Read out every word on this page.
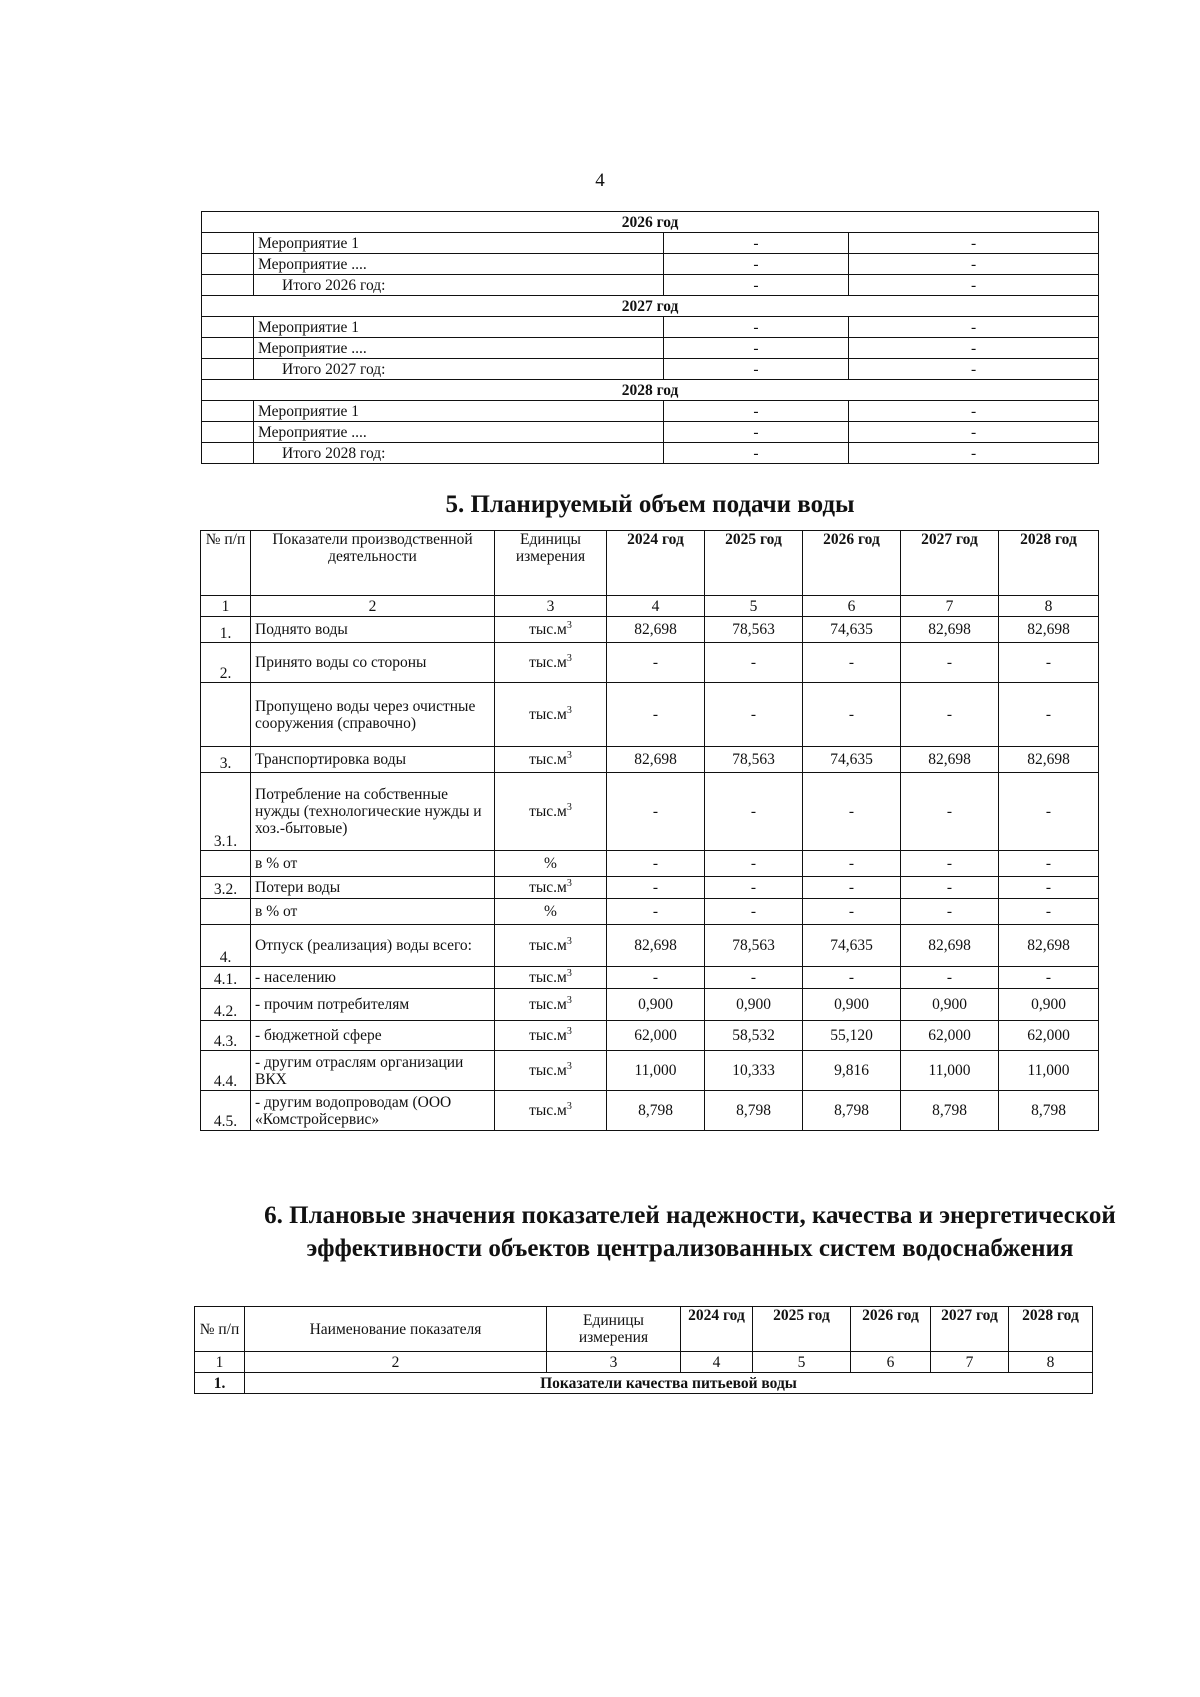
4
2026 год			
	Мероприятие 1	-	-
	Мероприятие ....	-	-
	Итого 2026 год:	-	-
2027 год			
	Мероприятие 1	-	-
	Мероприятие ....	-	-
	Итого 2027 год:	-	-
2028 год			
	Мероприятие 1	-	-
	Мероприятие ....	-	-
	Итого 2028 год:	-	-
5. Планируемый объем подачи воды
№ п/п	Показатели производственной деятельности	Единицы измерения	2024 год	2025 год	2026 год	2027 год	2028 год
1	2	3	4	5	6	7	8
1.	Поднято воды	$тыс.м^3$	82,698	78,563	74,635	82,698	82,698
2.	Принято воды со стороны	$тыс.м^3$	-	-	-	-	-
	Пропущено воды через очистные сооружения (справочно)	$тыс.м^3$	-	-	-	-	-
3.	Транспортировка воды	$тыс.м^3$	82,698	78,563	74,635	82,698	82,698
3.1.	Потребление на собственные нужды (технологические нужды и хоз.-бытовые)	$тыс.м^3$	-	-	-	-	-
	в % от	%	-	-	-	-	-
3.2.	Потери воды	$тыс.м^3$	-	-	-	-	-
	в % от	%	-	-	-	-	-
4.	Отпуск (реализация) воды всего:	$тыс.м^3$	82,698	78,563	74,635	82,698	82,698
4.1.	- населению	$тыс.м^3$	-	-	-	-	-
4.2.	- прочим потребителям	$тыс.м^3$	0,900	0,900	0,900	0,900	0,900
4.3.	- бюджетной сфере	$тыс.м^3$	62,000	58,532	55,120	62,000	62,000
4.4.	- другим отраслям организации ВКХ	$тыс.м^3$	11,000	10,333	9,816	11,000	11,000
4.5.	- другим водопроводам (ООО «Комстройсервис»	$тыс.м^3$	8,798	8,798	8,798	8,798	8,798
6. Плановые значения показателей надежности, качества и энергетической эффективности объектов централизованных систем водоснабжения
№ п/п	Наименование показателя	Единицы измерения	2024 год	2025 год	2026 год	2027 год	2028 год
1	2	3	4	5	6	7	8
1.	Показатели качества питьевой воды						
